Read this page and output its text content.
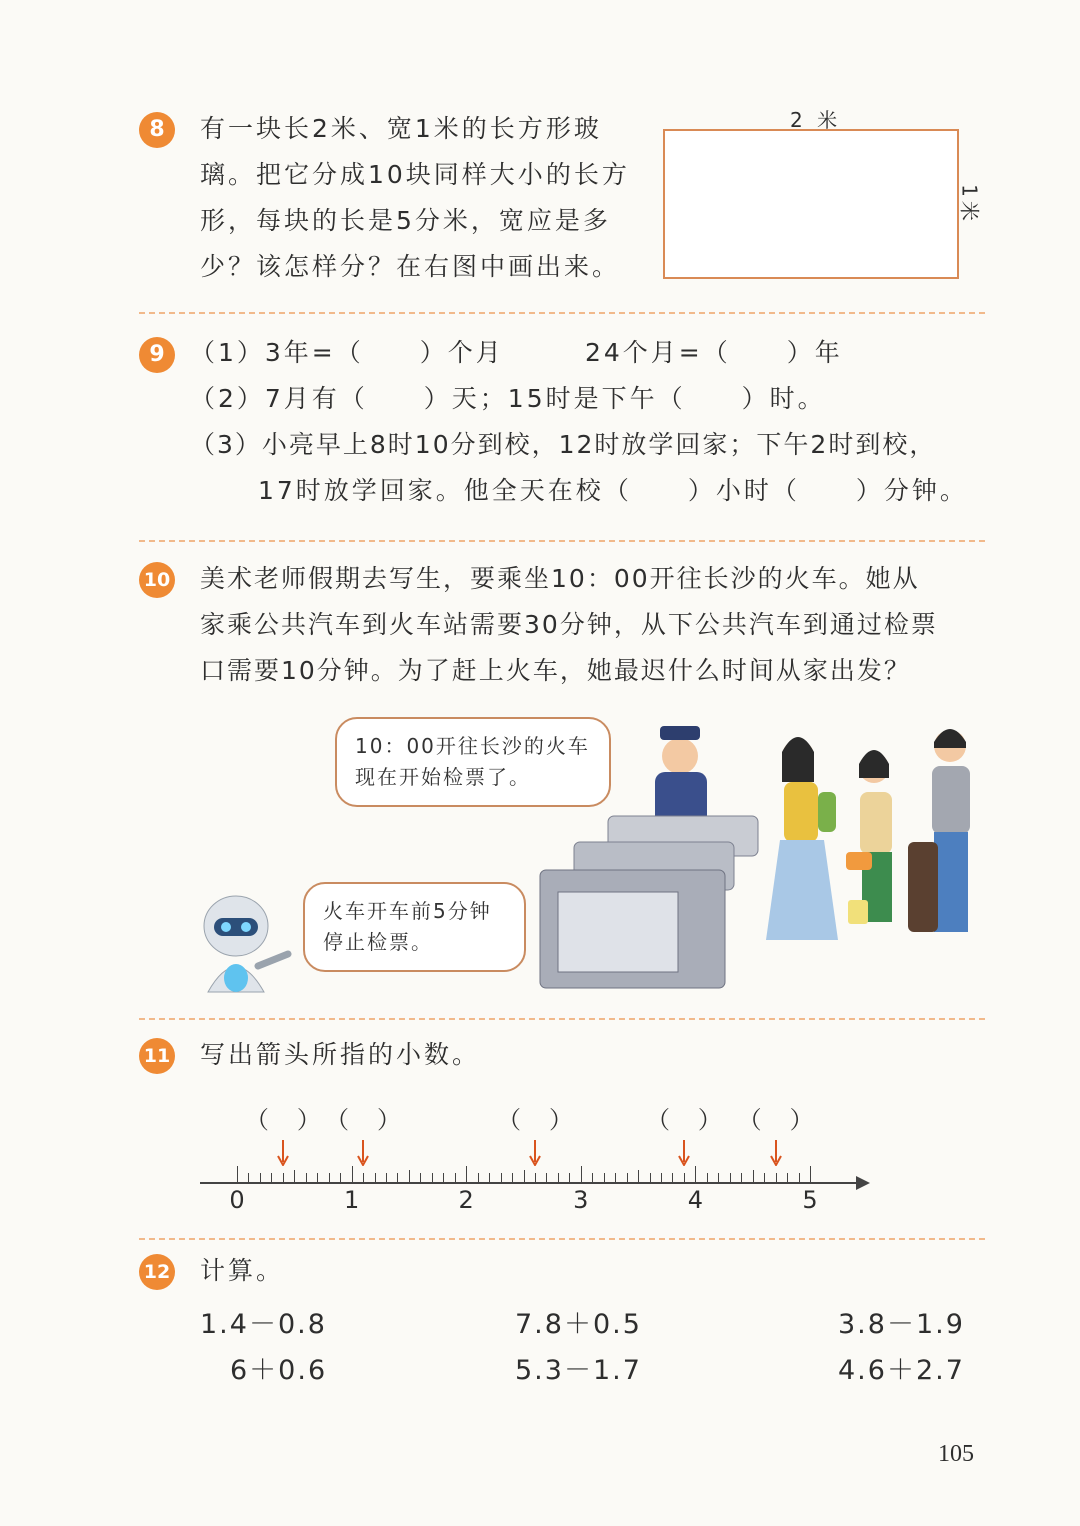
8	有一块长2米、宽1米的长方形玻
璃。把它分成10块同样大小的长方
形，每块的长是5分米，宽应是多
少？该怎样分？在右图中画出来。
2 米
1米
9	（1）3年=（　　）个月	24个月=（　　）年
（2）7月有（　　）天；15时是下午（　　）时。
（3）小亮早上8时10分到校，12时放学回家；下午2时到校，
17时放学回家。他全天在校（　　）小时（　　）分钟。
10 美术老师假期去写生，要乘坐10：00开往长沙的火车。她从
家乘公共汽车到火车站需要30分钟，从下公共汽车到通过检票
口需要10分钟。为了赶上火车，她最迟什么时间从家出发？
10：00开往长沙的火车
现在开始检票了。
火车开车前5分钟
停止检票。
11 写出箭头所指的小数。
0	1	2	3	4	5
（　） （　）	（　）	（　） （　）
12 计算。
1.4－0.8	7.8＋0.5	3.8－1.9
6＋0.6	5.3－1.7	4.6＋2.7
105
